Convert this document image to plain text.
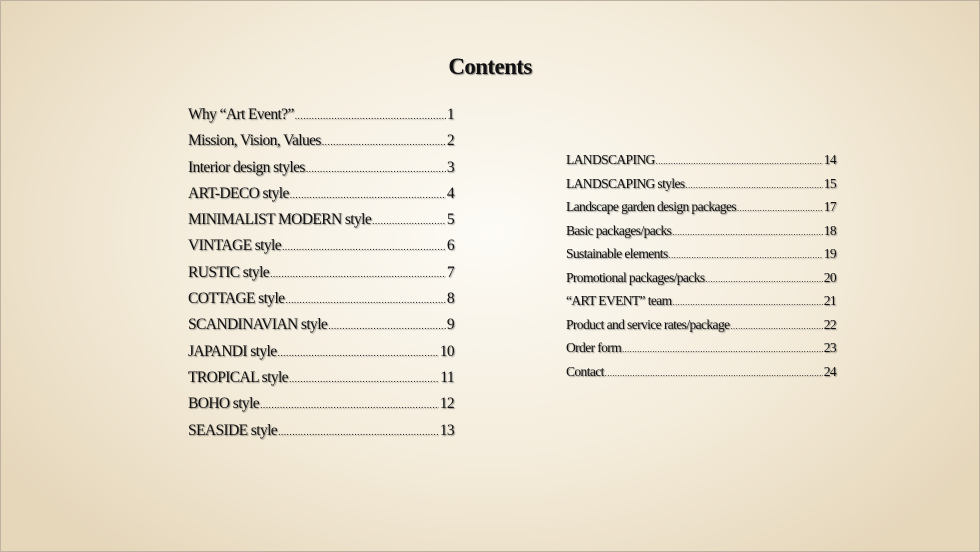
Contents
Why “Art Event?” .....	1
Mission, Vision, Values .....	2
Interior design styles .....	3
ART-DECO style .....	4
MINIMALIST MODERN style .....	5
VINTAGE style .....	6
RUSTIC style .....	7
COTTAGE style .....	8
SCANDINAVIAN style .....	9
JAPANDI style .....	10
TROPICAL style .....	11
BOHO style .....	12
SEASIDE style .....	13
LANDSCAPING .....	14
LANDSCAPING styles .....	15
Landscape garden design packages .....	17
Basic packages/packs .....	18
Sustainable elements .....	19
Promotional packages/packs .....	20
“ART EVENT” team .....	21
Product and service rates/package .....	22
Order form .....	23
Contact .....	24
